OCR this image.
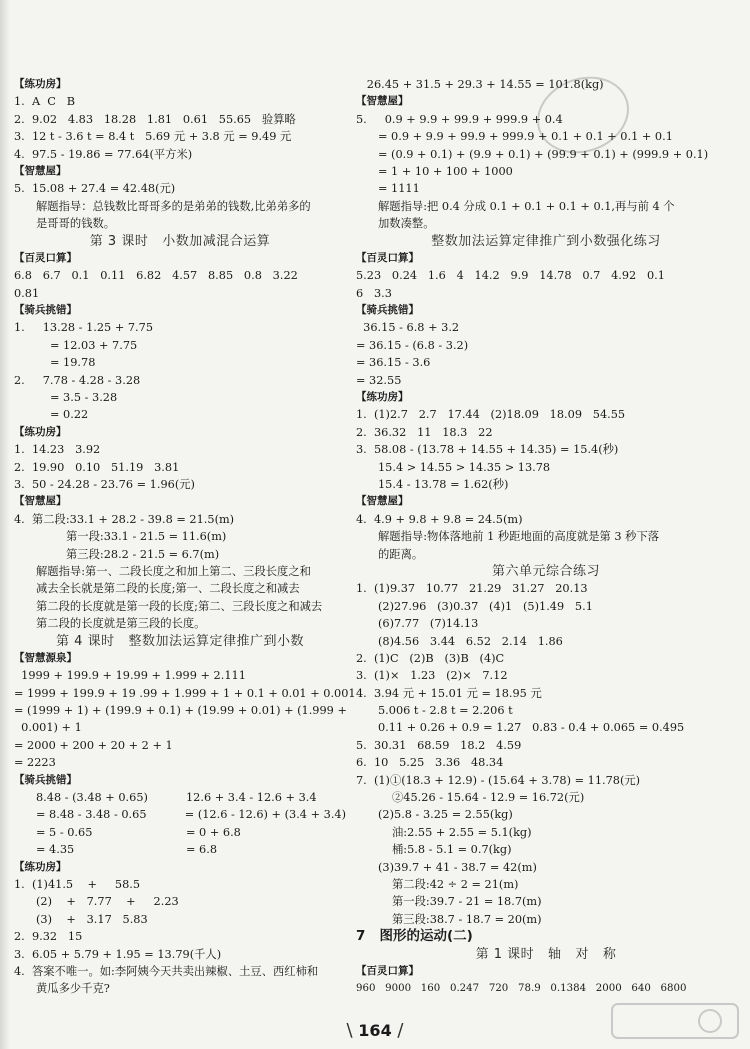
【练功房】
1.  A  C   B
2.  9.02   4.83   18.28   1.81   0.61   55.65   验算略
3.  12 t - 3.6 t = 8.4 t   5.69 元 + 3.8 元 = 9.49 元
4.  97.5 - 19.86 = 77.64(平方米)
【智慧屋】
5.  15.08 + 27.4 = 42.48(元)
解题指导：总钱数比哥哥多的是弟弟的钱数,比弟弟多的
是哥哥的钱数。
第 3 课时   小数加减混合运算
【百灵口算】
6.8   6.7   0.1   0.11   6.82   4.57   8.85   0.8   3.22
0.81
【骑兵挑错】
1.     13.28 - 1.25 + 7.75
= 12.03 + 7.75
= 19.78
2.     7.78 - 4.28 - 3.28
= 3.5 - 3.28
= 0.22
【练功房】
1.  14.23   3.92
2.  19.90   0.10   51.19   3.81
3.  50 - 24.28 - 23.76 = 1.96(元)
【智慧屋】
4.  第二段:33.1 + 28.2 - 39.8 = 21.5(m)
第一段:33.1 - 21.5 = 11.6(m)
第三段:28.2 - 21.5 = 6.7(m)
解题指导:第一、二段长度之和加上第二、三段长度之和
减去全长就是第二段的长度;第一、二段长度之和减去
第二段的长度就是第一段的长度;第二、三段长度之和减去
第二段的长度就是第三段的长度。
第 4 课时   整数加法运算定律推广到小数
【智慧源泉】
1999 + 199.9 + 19.99 + 1.999 + 2.111
= 1999 + 199.9 + 19 .99 + 1.999 + 1 + 0.1 + 0.01 + 0.001
= (1999 + 1) + (199.9 + 0.1) + (19.99 + 0.01) + (1.999 +
0.001) + 1
= 2000 + 200 + 20 + 2 + 1
= 2223
【骑兵挑错】
8.48 - (3.48 + 0.65)	12.6 + 3.4 - 12.6 + 3.4
= 8.48 - 3.48 - 0.65	= (12.6 - 12.6) + (3.4 + 3.4)
= 5 - 0.65	= 0 + 6.8
= 4.35	= 6.8
【练功房】
1.  (1)41.5    +     58.5
(2)    +   7.77    +     2.23
(3)    +   3.17   5.83
2.  9.32   15
3.  6.05 + 5.79 + 1.95 = 13.79(千人)
4.  答案不唯一。如:李阿姨今天共卖出辣椒、土豆、西红柿和
黄瓜多少千克?
26.45 + 31.5 + 29.3 + 14.55 = 101.8(kg)
【智慧屋】
5.     0.9 + 9.9 + 99.9 + 999.9 + 0.4
= 0.9 + 9.9 + 99.9 + 999.9 + 0.1 + 0.1 + 0.1 + 0.1
= (0.9 + 0.1) + (9.9 + 0.1) + (99.9 + 0.1) + (999.9 + 0.1)
= 1 + 10 + 100 + 1000
= 1111
解题指导:把 0.4 分成 0.1 + 0.1 + 0.1 + 0.1,再与前 4 个
加数凑整。
整数加法运算定律推广到小数强化练习
【百灵口算】
5.23   0.24   1.6   4   14.2   9.9   14.78   0.7   4.92   0.1
6   3.3
【骑兵挑错】
36.15 - 6.8 + 3.2
= 36.15 - (6.8 - 3.2)
= 36.15 - 3.6
= 32.55
【练功房】
1.  (1)2.7   2.7   17.44   (2)18.09   18.09   54.55
2.  36.32   11   18.3   22
3.  58.08 - (13.78 + 14.55 + 14.35) = 15.4(秒)
15.4 > 14.55 > 14.35 > 13.78
15.4 - 13.78 = 1.62(秒)
【智慧屋】
4.  4.9 + 9.8 + 9.8 = 24.5(m)
解题指导:物体落地前 1 秒距地面的高度就是第 3 秒下落
的距离。
第六单元综合练习
1.  (1)9.37   10.77   21.29   31.27   20.13
(2)27.96   (3)0.37   (4)1   (5)1.49   5.1
(6)7.77   (7)14.13
(8)4.56   3.44   6.52   2.14   1.86
2.  (1)C   (2)B   (3)B   (4)C
3.  (1)×   1.23   (2)×   7.12
4.  3.94 元 + 15.01 元 = 18.95 元
5.006 t - 2.8 t = 2.206 t
0.11 + 0.26 + 0.9 = 1.27   0.83 - 0.4 + 0.065 = 0.495
5.  30.31   68.59   18.2   4.59
6.  10   5.25   3.36   48.34
7.  (1)①(18.3 + 12.9) - (15.64 + 3.78) = 11.78(元)
②45.26 - 15.64 - 12.9 = 16.72(元)
(2)5.8 - 3.25 = 2.55(kg)
油:2.55 + 2.55 = 5.1(kg)
桶:5.8 - 5.1 = 0.7(kg)
(3)39.7 + 41 - 38.7 = 42(m)
第二段:42 ÷ 2 = 21(m)
第一段:39.7 - 21 = 18.7(m)
第三段:38.7 - 18.7 = 20(m)
7   图形的运动(二)
第 1 课时   轴   对   称
【百灵口算】
960   9000   160   0.247   720   78.9   0.1384   2000   640   6800
\ 164 /
